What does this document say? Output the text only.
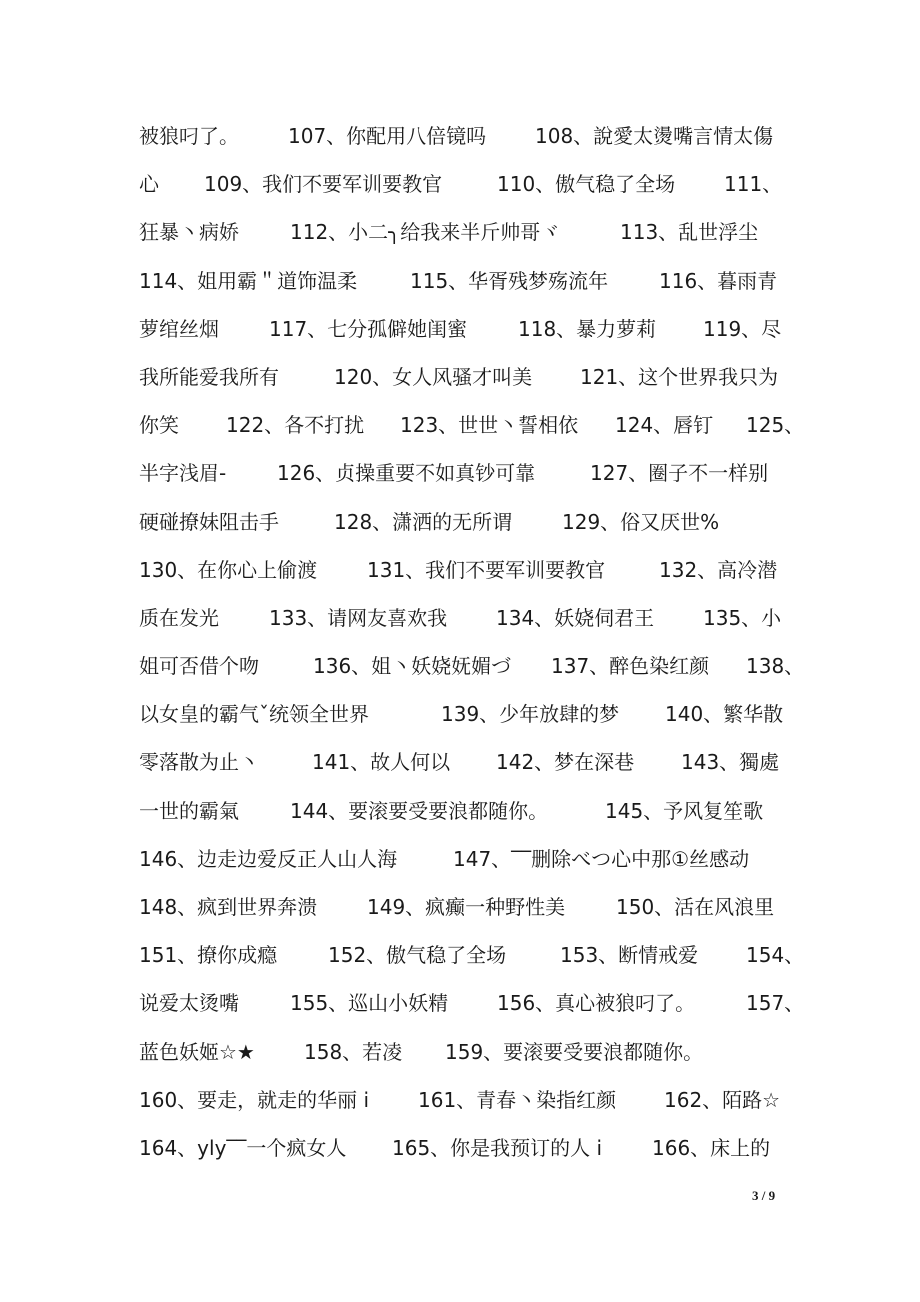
被狼叼了。 107、你配用八倍镜吗 108、說愛太燙嘴言情太傷
心 109、我们不要军训要教官	110、傲气稳了全场 111、
狂暴丶病娇	112、小二╮给我来半斤帅哥ヾ	113、乱世浮尘
114、姐用霸＂道饰温柔	115、华胥残梦殇流年	116、暮雨青
萝绾丝烟	117、七分孤僻她闺蜜	118、暴力萝莉 119、尽
我所能爱我所有	120、女人风骚才叫美 121、这个世界我只为
你笑 122、各不打扰 123、世世丶誓相依 124、唇钉 125、
半字浅眉-	126、贞操重要不如真钞可靠	127、圈子不一样别
硬碰撩妹阻击手	128、潇洒的无所谓 129、俗又厌世%
130、在你心上偷渡 131、我们不要军训要教官	132、高冷潜
质在发光	133、请网友喜欢我 134、妖娆伺君王 135、小
姐可否借个吻	136、姐丶妖娆妩媚づ 137、醉色染红颜 138、
以女皇的霸气ˇ统领全世界	139、少年放肆的梦 140、繁华散
零落散为止丶	141、故人何以 142、梦在深巷 143、獨處
一世的霸氣	144、要滚要受要浪都随你。	145、予风复笙歌
146、边走边爱反正人山人海	147、‾‾删除べつ心中那①丝感动
148、疯到世界奔溃 149、疯癫一种野性美	150、活在风浪里
151、撩你成瘾	152、傲气稳了全场	153、断情戒爱 154、
说爱太烫嘴	155、巡山小妖精 156、真心被狼叼了。	157、
蓝色妖姬☆★ 158、若凌 159、要滚要受要浪都随你。
160、要走，就走的华丽 i 161、青春丶染指红颜 162、陌路☆
164、yly‾‾一个疯女人 165、你是我预订的人 i 166、床上的
3 / 9
